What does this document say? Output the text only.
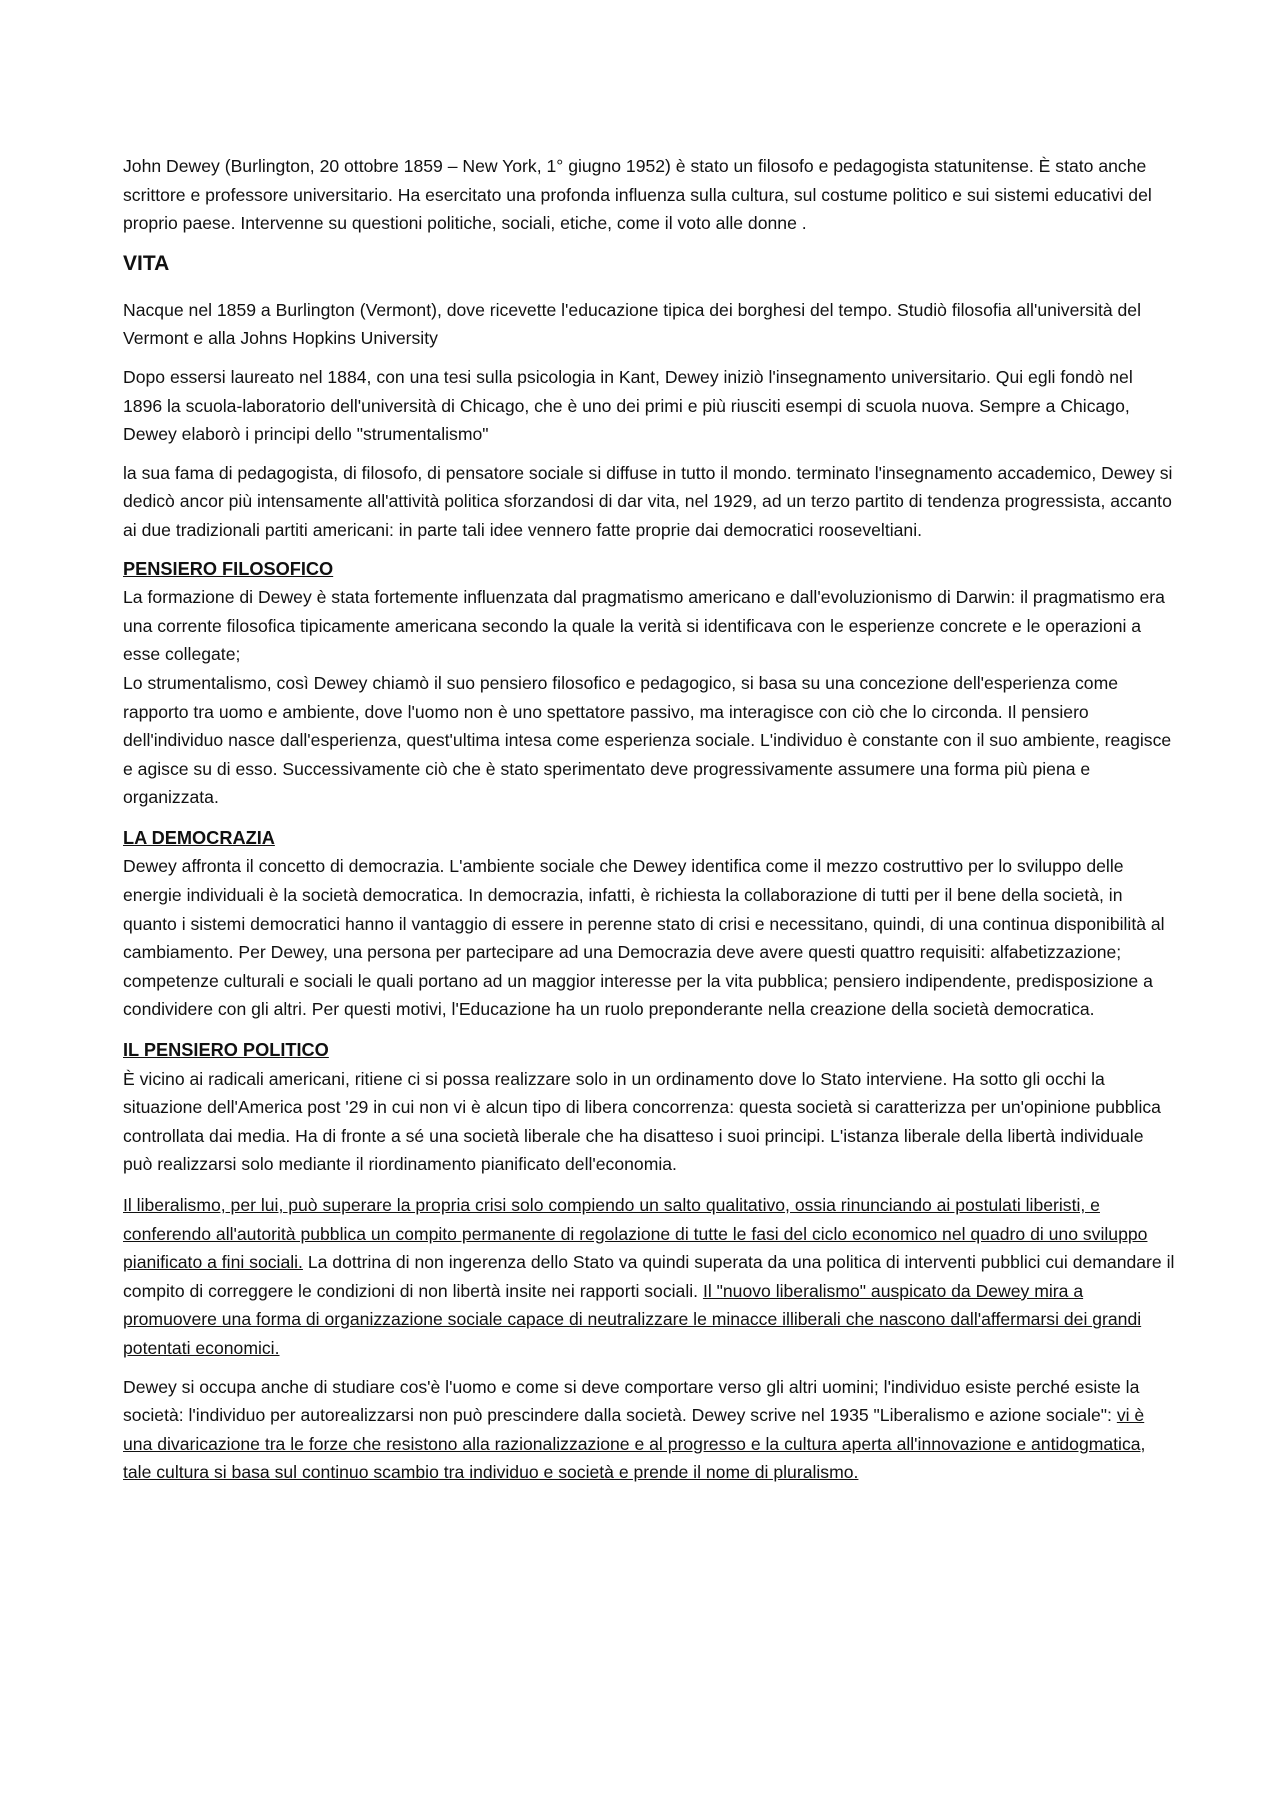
John Dewey (Burlington, 20 ottobre 1859 – New York, 1° giugno 1952) è stato un filosofo e pedagogista statunitense. È stato anche scrittore e professore universitario. Ha esercitato una profonda influenza sulla cultura, sul costume politico e sui sistemi educativi del proprio paese. Intervenne su questioni politiche, sociali, etiche, come il voto alle donne .

VITA

Nacque nel 1859 a Burlington (Vermont), dove ricevette l'educazione tipica dei borghesi del tempo. Studiò filosofia all'università del Vermont e alla Johns Hopkins University

Dopo essersi laureato nel 1884, con una tesi sulla psicologia in Kant, Dewey iniziò l'insegnamento universitario. Qui egli fondò nel 1896 la scuola-laboratorio dell'università di Chicago, che è uno dei primi e più riusciti esempi di scuola nuova. Sempre a Chicago, Dewey elaborò i principi dello "strumentalismo"

la sua fama di pedagogista, di filosofo, di pensatore sociale si diffuse in tutto il mondo. terminato l'insegnamento accademico, Dewey si dedicò ancor più intensamente all'attività politica sforzandosi di dar vita, nel 1929, ad un terzo partito di tendenza progressista, accanto ai due tradizionali partiti americani: in parte tali idee vennero fatte proprie dai democratici rooseveltiani.

PENSIERO FILOSOFICO
La formazione di Dewey è stata fortemente influenzata dal pragmatismo americano e dall'evoluzionismo di Darwin: il pragmatismo era una corrente filosofica tipicamente americana secondo la quale la verità si identificava con le esperienze concrete e le operazioni a esse collegate;
Lo strumentalismo, così Dewey chiamò il suo pensiero filosofico e pedagogico, si basa su una concezione dell'esperienza come rapporto tra uomo e ambiente, dove l'uomo non è uno spettatore passivo, ma interagisce con ciò che lo circonda. Il pensiero dell'individuo nasce dall'esperienza, quest'ultima intesa come esperienza sociale. L'individuo è constante con il suo ambiente, reagisce e agisce su di esso. Successivamente ciò che è stato sperimentato deve progressivamente assumere una forma più piena e organizzata.
LA DEMOCRAZIA
Dewey affronta il concetto di democrazia. L'ambiente sociale che Dewey identifica come il mezzo costruttivo per lo sviluppo delle energie individuali è la società democratica. In democrazia, infatti, è richiesta la collaborazione di tutti per il bene della società, in quanto i sistemi democratici hanno il vantaggio di essere in perenne stato di crisi e necessitano, quindi, di una continua disponibilità al cambiamento. Per Dewey, una persona per partecipare ad una Democrazia deve avere questi quattro requisiti: alfabetizzazione; competenze culturali e sociali le quali portano ad un maggior interesse per la vita pubblica; pensiero indipendente, predisposizione a condividere con gli altri. Per questi motivi, l'Educazione ha un ruolo preponderante nella creazione della società democratica.
IL PENSIERO POLITICO
È vicino ai radicali americani, ritiene ci si possa realizzare solo in un ordinamento dove lo Stato interviene. Ha sotto gli occhi la situazione dell'America post '29 in cui non vi è alcun tipo di libera concorrenza: questa società si caratterizza per un'opinione pubblica controllata dai media. Ha di fronte a sé una società liberale che ha disatteso i suoi principi. L'istanza liberale della libertà individuale può realizzarsi solo mediante il riordinamento pianificato dell'economia.

Il liberalismo, per lui, può superare la propria crisi solo compiendo un salto qualitativo, ossia rinunciando ai postulati liberisti, e conferendo all'autorità pubblica un compito permanente di regolazione di tutte le fasi del ciclo economico nel quadro di uno sviluppo pianificato a fini sociali. La dottrina di non ingerenza dello Stato va quindi superata da una politica di interventi pubblici cui demandare il compito di correggere le condizioni di non libertà insite nei rapporti sociali. Il "nuovo liberalismo" auspicato da Dewey mira a promuovere una forma di organizzazione sociale capace di neutralizzare le minacce illiberali che nascono dall'affermarsi dei grandi potentati economici.

Dewey si occupa anche di studiare cos'è l'uomo e come si deve comportare verso gli altri uomini; l'individuo esiste perché esiste la società: l'individuo per autorealizzarsi non può prescindere dalla società. Dewey scrive nel 1935 "Liberalismo e azione sociale": vi è una divaricazione tra le forze che resistono alla razionalizzazione e al progresso e la cultura aperta all'innovazione e antidogmatica, tale cultura si basa sul continuo scambio tra individuo e società e prende il nome di pluralismo.
